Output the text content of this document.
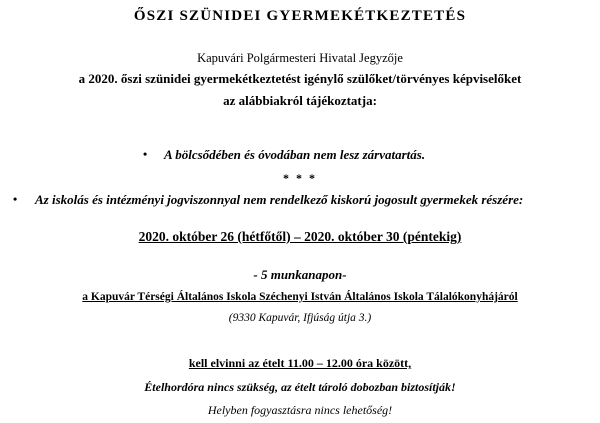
ŐSZI SZÜNIDEI GYERMEKÉTKEZTETÉS
Kapuvári Polgármesteri Hivatal Jegyzője
a 2020. őszi szünidei gyermekétkeztetést igénylő szülőket/törvényes képviselőket
az alábbiakról tájékoztatja:
• A bölcsődében és óvodában nem lesz zárvatartás.
* * *
• Az iskolás és intézményi jogviszonnyal nem rendelkező kiskorú jogosult gyermekek részére:
2020. október 26 (hétfőtől) – 2020. október 30 (péntekig)
- 5 munkanapon-
a Kapuvár Térségi Általános Iskola Széchenyi István Általános Iskola Tálalókonyhájáról
(9330 Kapuvár, Ifjúság útja 3.)
kell elvinni az ételt 11.00 – 12.00 óra között,
Ételhordóra nincs szükség, az ételt tároló dobozban biztosítják!
Helyben fogyasztásra nincs lehetőség!
